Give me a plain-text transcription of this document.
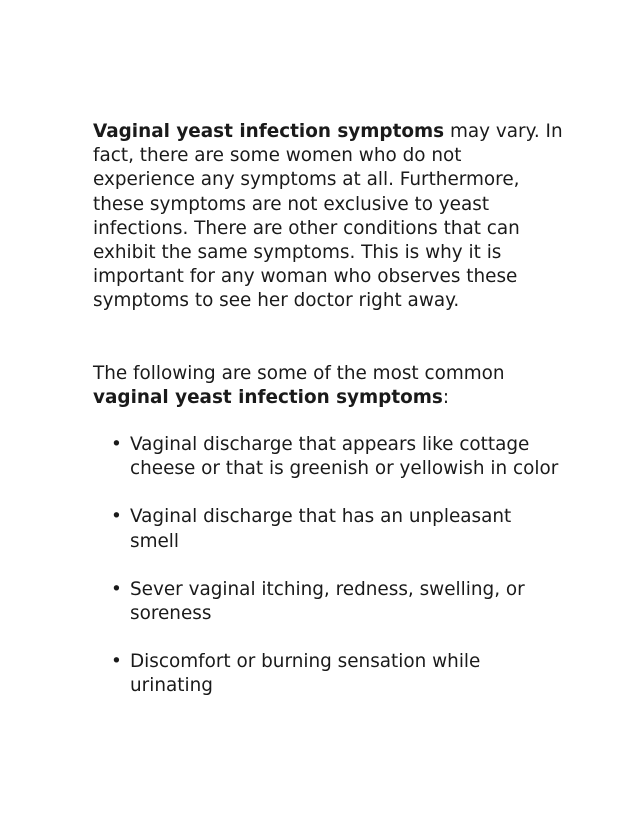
Vaginal yeast infection symptoms may vary. In fact, there are some women who do not experience any symptoms at all. Furthermore, these symptoms are not exclusive to yeast infections. There are other conditions that can exhibit the same symptoms. This is why it is important for any woman who observes these symptoms to see her doctor right away.

The following are some of the most common vaginal yeast infection symptoms:

• Vaginal discharge that appears like cottage cheese or that is greenish or yellowish in color
• Vaginal discharge that has an unpleasant smell
• Sever vaginal itching, redness, swelling, or soreness
• Discomfort or burning sensation while urinating
